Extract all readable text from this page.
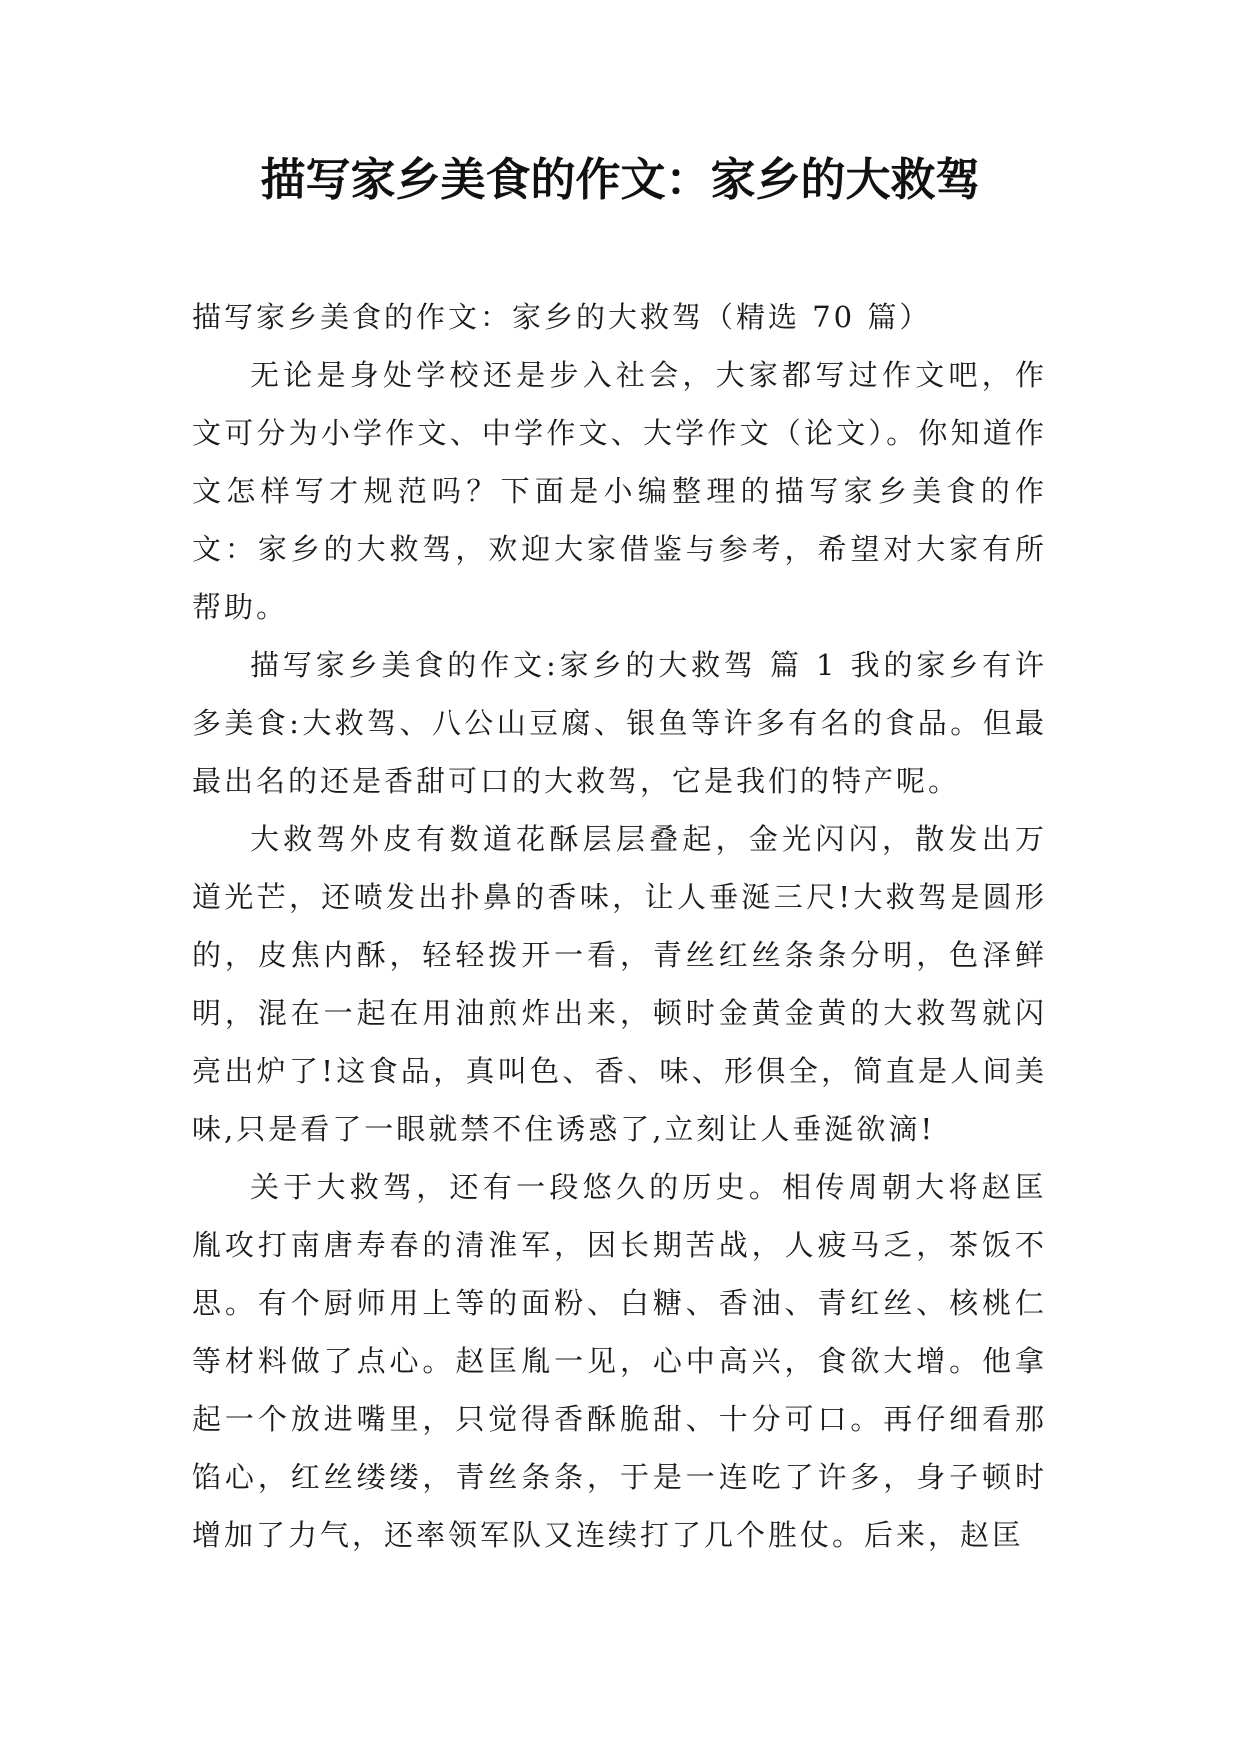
描写家乡美食的作文：家乡的大救驾

描写家乡美食的作文：家乡的大救驾（精选 70 篇）

无论是身处学校还是步入社会，大家都写过作文吧，作文可分为小学作文、中学作文、大学作文（论文）。你知道作文怎样写才规范吗？下面是小编整理的描写家乡美食的作文：家乡的大救驾，欢迎大家借鉴与参考，希望对大家有所帮助。

描写家乡美食的作文:家乡的大救驾 篇 1 我的家乡有许多美食:大救驾、八公山豆腐、银鱼等许多有名的食品。但最最出名的还是香甜可口的大救驾，它是我们的特产呢。

大救驾外皮有数道花酥层层叠起，金光闪闪，散发出万道光芒，还喷发出扑鼻的香味，让人垂涎三尺!大救驾是圆形的，皮焦内酥，轻轻拨开一看，青丝红丝条条分明，色泽鲜明，混在一起在用油煎炸出来，顿时金黄金黄的大救驾就闪亮出炉了!这食品，真叫色、香、味、形俱全，简直是人间美味,只是看了一眼就禁不住诱惑了,立刻让人垂涎欲滴!

关于大救驾，还有一段悠久的历史。相传周朝大将赵匡胤攻打南唐寿春的清淮军，因长期苦战，人疲马乏，茶饭不思。有个厨师用上等的面粉、白糖、香油、青红丝、核桃仁等材料做了点心。赵匡胤一见，心中高兴，食欲大增。他拿起一个放进嘴里，只觉得香酥脆甜、十分可口。再仔细看那馅心，红丝缕缕，青丝条条，于是一连吃了许多，身子顿时增加了力气，还率领军队又连续打了几个胜仗。后来，赵匡
